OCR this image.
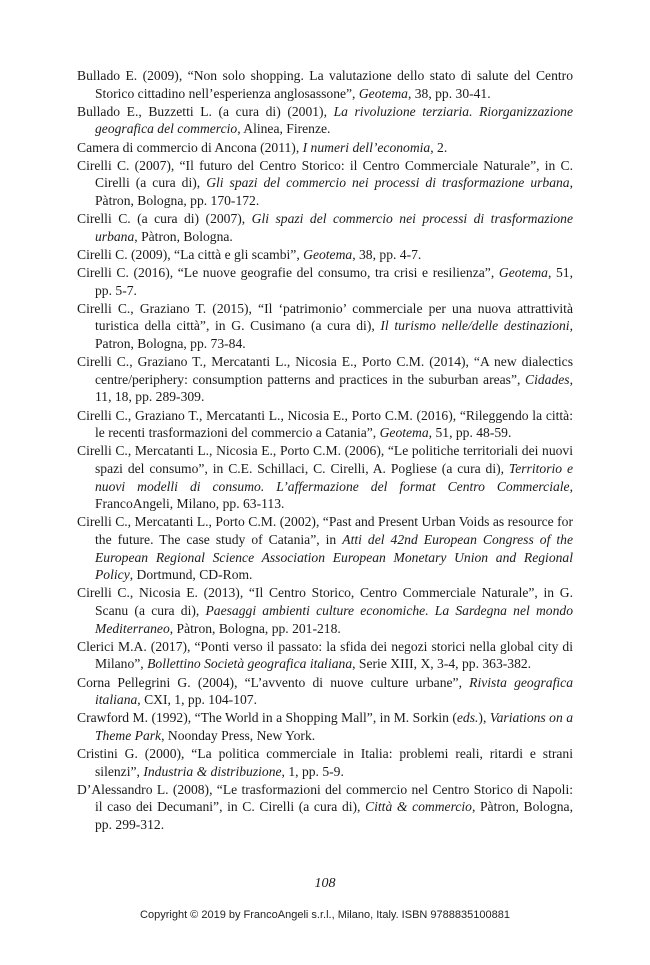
Bullado E. (2009), “Non solo shopping. La valutazione dello stato di salute del Centro Storico cittadino nell’esperienza anglosassone”, Geotema, 38, pp. 30-41.
Bullado E., Buzzetti L. (a cura di) (2001), La rivoluzione terziaria. Riorganizzazione geografica del commercio, Alinea, Firenze.
Camera di commercio di Ancona (2011), I numeri dell’economia, 2.
Cirelli C. (2007), “Il futuro del Centro Storico: il Centro Commerciale Naturale”, in C. Cirelli (a cura di), Gli spazi del commercio nei processi di trasformazione urbana, Pàtron, Bologna, pp. 170-172.
Cirelli C. (a cura di) (2007), Gli spazi del commercio nei processi di trasformazione urbana, Pàtron, Bologna.
Cirelli C. (2009), “La città e gli scambi”, Geotema, 38, pp. 4-7.
Cirelli C. (2016), “Le nuove geografie del consumo, tra crisi e resilienza”, Geotema, 51, pp. 5-7.
Cirelli C., Graziano T. (2015), “Il ‘patrimonio’ commerciale per una nuova attrattività turistica della città”, in G. Cusimano (a cura di), Il turismo nelle/delle destinazioni, Patron, Bologna, pp. 73-84.
Cirelli C., Graziano T., Mercatanti L., Nicosia E., Porto C.M. (2014), “A new dialectics centre/periphery: consumption patterns and practices in the suburban areas”, Cidades, 11, 18, pp. 289-309.
Cirelli C., Graziano T., Mercatanti L., Nicosia E., Porto C.M. (2016), “Rileggendo la città: le recenti trasformazioni del commercio a Catania”, Geotema, 51, pp. 48-59.
Cirelli C., Mercatanti L., Nicosia E., Porto C.M. (2006), “Le politiche territoriali dei nuovi spazi del consumo”, in C.E. Schillaci, C. Cirelli, A. Pogliese (a cura di), Territorio e nuovi modelli di consumo. L’affermazione del format Centro Commerciale, FrancoAngeli, Milano, pp. 63-113.
Cirelli C., Mercatanti L., Porto C.M. (2002), “Past and Present Urban Voids as resource for the future. The case study of Catania”, in Atti del 42nd European Congress of the European Regional Science Association European Monetary Union and Regional Policy, Dortmund, CD-Rom.
Cirelli C., Nicosia E. (2013), “Il Centro Storico, Centro Commerciale Naturale”, in G. Scanu (a cura di), Paesaggi ambienti culture economiche. La Sardegna nel mondo Mediterraneo, Pàtron, Bologna, pp. 201-218.
Clerici M.A. (2017), “Ponti verso il passato: la sfida dei negozi storici nella global city di Milano”, Bollettino Società geografica italiana, Serie XIII, X, 3-4, pp. 363-382.
Corna Pellegrini G. (2004), “L’avvento di nuove culture urbane”, Rivista geografica italiana, CXI, 1, pp. 104-107.
Crawford M. (1992), “The World in a Shopping Mall”, in M. Sorkin (eds.), Variations on a Theme Park, Noonday Press, New York.
Cristini G. (2000), “La politica commerciale in Italia: problemi reali, ritardi e strani silenzi”, Industria & distribuzione, 1, pp. 5-9.
D’Alessandro L. (2008), “Le trasformazioni del commercio nel Centro Storico di Napoli: il caso dei Decumani”, in C. Cirelli (a cura di), Città & commercio, Pàtron, Bologna, pp. 299-312.
108
Copyright © 2019 by FrancoAngeli s.r.l., Milano, Italy. ISBN 9788835100881
